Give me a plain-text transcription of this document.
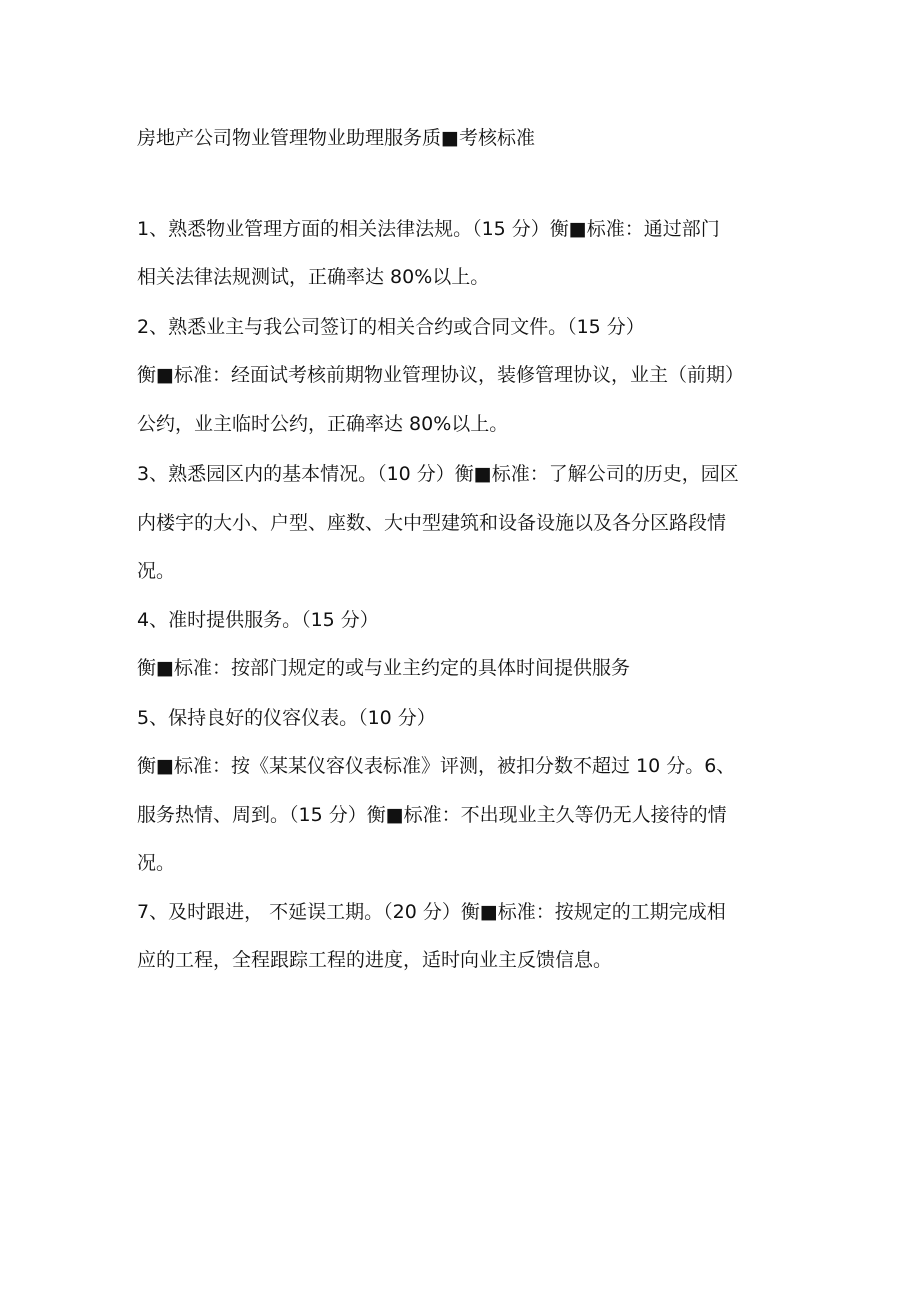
房地产公司物业管理物业助理服务质■考核标准
1、熟悉物业管理方面的相关法律法规。（15 分）衡■标准：通过部门
相关法律法规测试，正确率达 80%以上。
2、熟悉业主与我公司签订的相关合约或合同文件。（15 分）
衡■标准：经面试考核前期物业管理协议，装修管理协议，业主（前期）
公约，业主临时公约，正确率达 80%以上。
3、熟悉园区内的基本情况。（10 分）衡■标准：了解公司的历史，园区
内楼宇的大小、户型、座数、大中型建筑和设备设施以及各分区路段情
况。
4、准时提供服务。（15 分）
衡■标准：按部门规定的或与业主约定的具体时间提供服务
5、保持良好的仪容仪表。（10 分）
衡■标准：按《某某仪容仪表标准》评测，被扣分数不超过 10 分。6、
服务热情、周到。（15 分）衡■标准：不出现业主久等仍无人接待的情
况。
7、及时跟进， 不延误工期。（20 分）衡■标准：按规定的工期完成相
应的工程，全程跟踪工程的进度，适时向业主反馈信息。
